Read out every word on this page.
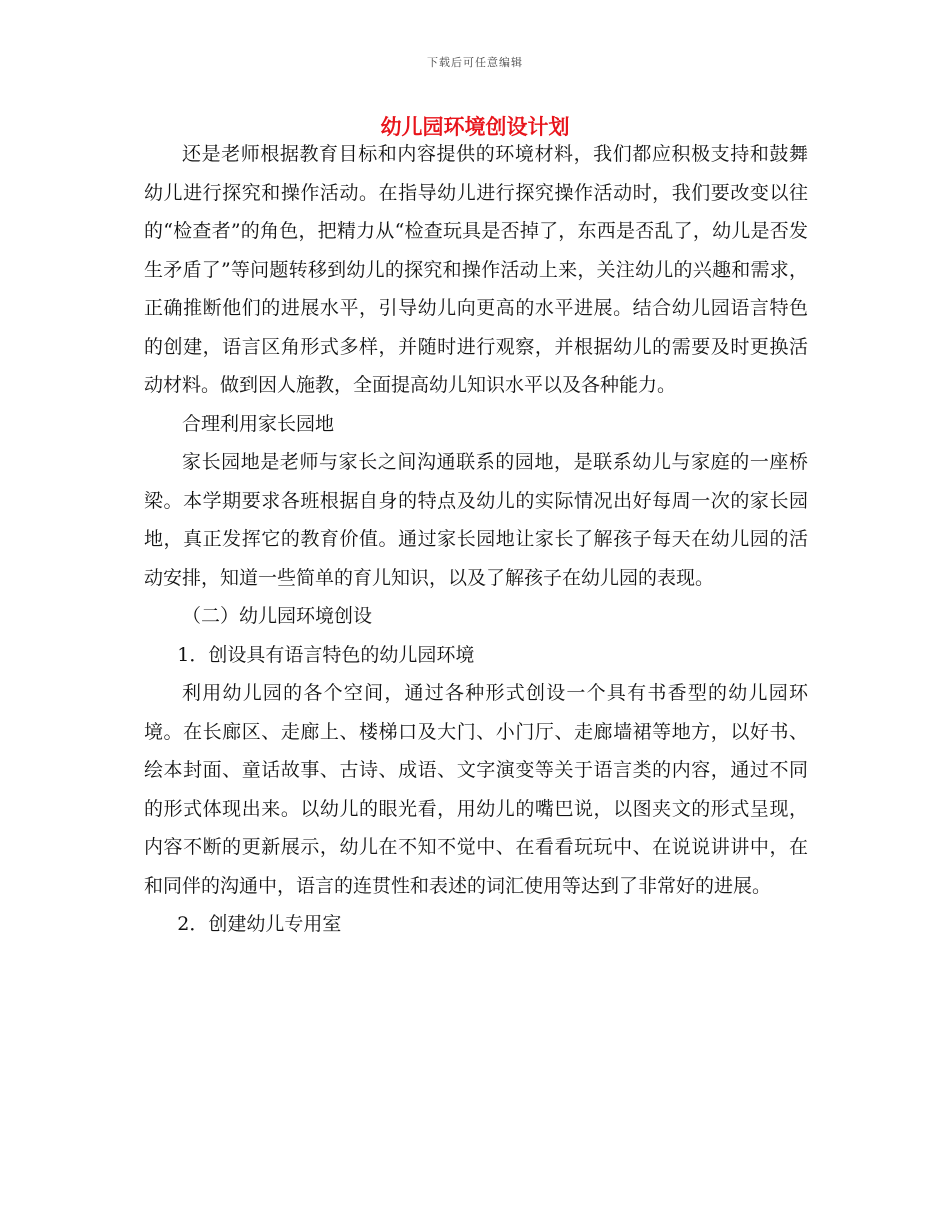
下载后可任意编辑
幼儿园环境创设计划

还是老师根据教育目标和内容提供的环境材料，我们都应积极支持和鼓舞幼儿进行探究和操作活动。在指导幼儿进行探究操作活动时，我们要改变以往的“检查者”的角色，把精力从“检查玩具是否掉了，东西是否乱了，幼儿是否发生矛盾了”等问题转移到幼儿的探究和操作活动上来，关注幼儿的兴趣和需求，正确推断他们的进展水平，引导幼儿向更高的水平进展。结合幼儿园语言特色的创建，语言区角形式多样，并随时进行观察，并根据幼儿的需要及时更换活动材料。做到因人施教，全面提高幼儿知识水平以及各种能力。

合理利用家长园地

家长园地是老师与家长之间沟通联系的园地，是联系幼儿与家庭的一座桥梁。本学期要求各班根据自身的特点及幼儿的实际情况出好每周一次的家长园地，真正发挥它的教育价值。通过家长园地让家长了解孩子每天在幼儿园的活动安排，知道一些简单的育儿知识，以及了解孩子在幼儿园的表现。

（二）幼儿园环境创设

1．创设具有语言特色的幼儿园环境

利用幼儿园的各个空间，通过各种形式创设一个具有书香型的幼儿园环境。在长廊区、走廊上、楼梯口及大门、小门厅、走廊墙裙等地方，以好书、绘本封面、童话故事、古诗、成语、文字演变等关于语言类的内容，通过不同的形式体现出来。以幼儿的眼光看，用幼儿的嘴巴说，以图夹文的形式呈现，内容不断的更新展示，幼儿在不知不觉中、在看看玩玩中、在说说讲讲中，在和同伴的沟通中，语言的连贯性和表述的词汇使用等达到了非常好的进展。

2．创建幼儿专用室
